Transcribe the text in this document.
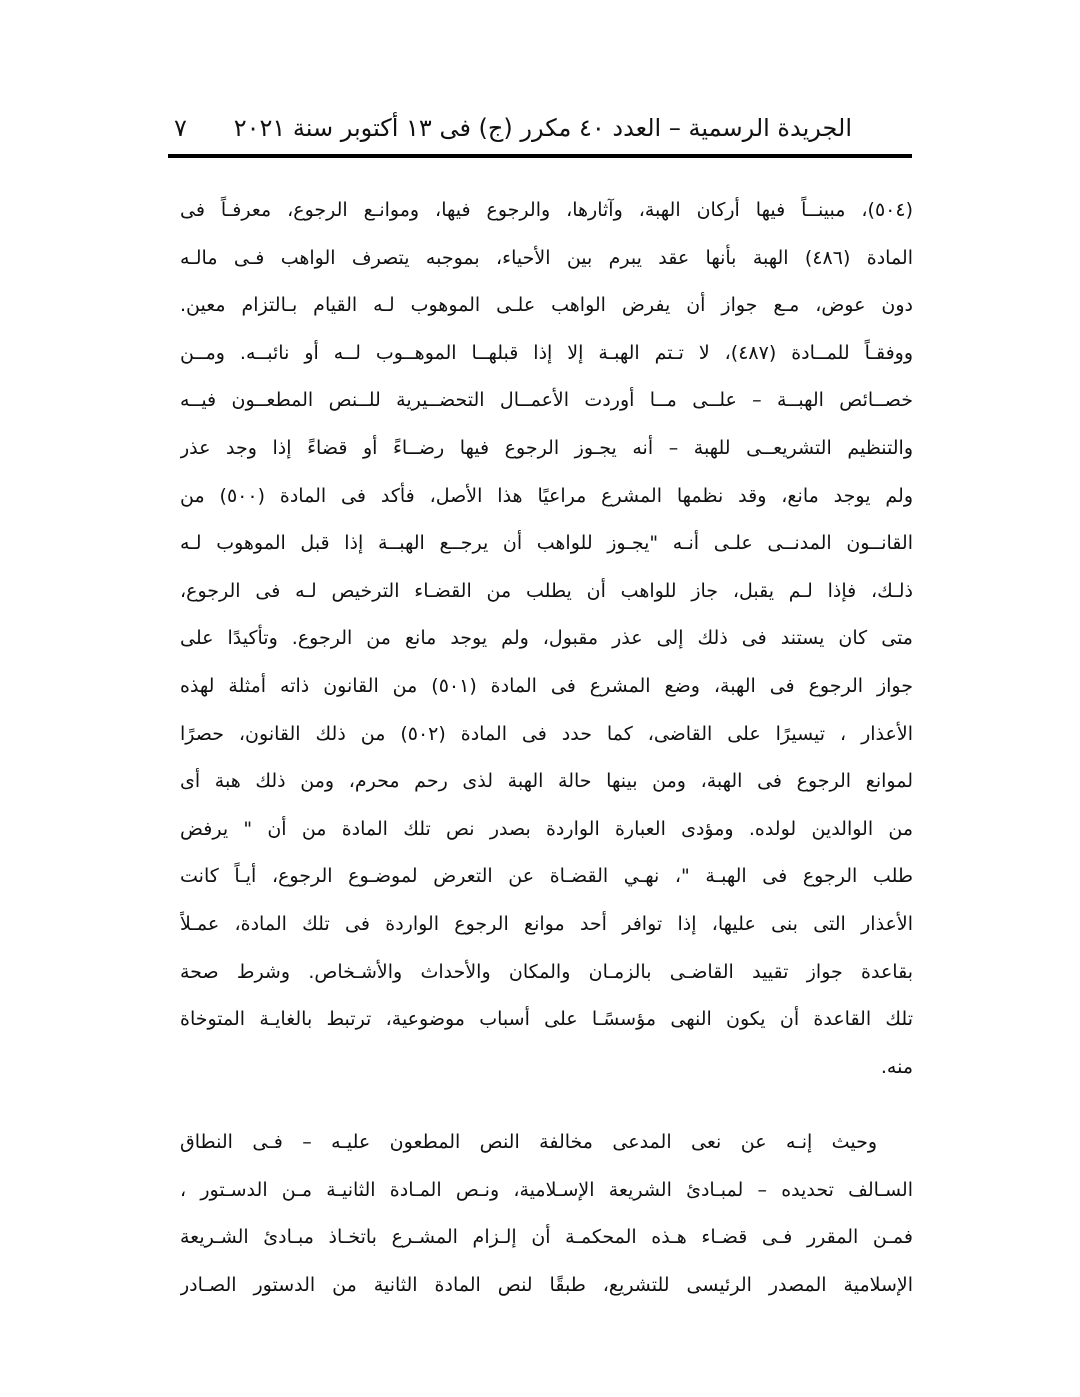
الجريدة الرسمية – العدد ٤٠ مكرر (ج) فى ١٣ أكتوبر سنة ٢٠٢١
٧
(٥٠٤)، مبينــاً فيها أركان الهبة، وآثارها، والرجوع فيها، وموانـع الرجوع، معرفـاً فى
المادة (٤٨٦) الهبة بأنها عقد يبرم بين الأحياء، بموجبه يتصرف الواهب فـى مالـه
دون عوض، مـع جواز أن يفرض الواهب علـى الموهوب لـه القيام بـالتزام معين.
ووفقـاً للمــادة (٤٨٧)، لا تـتم الهبـة إلا إذا قبلهــا الموهــوب لــه أو نائبــه. ومــن
خصــائص الهبــة – علــى مــا أوردت الأعمــال التحضــيرية للــنص المطعــون فيــه
والتنظيم التشريعــى للهبة – أنه يجـوز الرجوع فيها رضــاءً أو قضاءً إذا وجد عذر
ولم يوجد مانع، وقد نظمها المشرع مراعيًا هذا الأصل، فأكد فى المادة (٥٠٠) من
القانــون المدنــى علـى أنـه "يجـوز للواهب أن يرجــع الهبــة إذا قبل الموهوب لـه
ذلـك، فإذا لـم يقبل، جاز للواهب أن يطلب من القضـاء الترخيص لـه فى الرجوع،
متى كان يستند فى ذلك إلى عذر مقبول، ولم يوجد مانع من الرجوع. وتأكيدًا على
جواز الرجوع فى الهبة، وضع المشرع فى المادة (٥٠١) من القانون ذاته أمثلة لهذه
الأعذار ، تيسيرًا على القاضى، كما حدد فى المادة (٥٠٢) من ذلك القانون، حصرًا
لموانع الرجوع فى الهبة، ومن بينها حالة الهبة لذى رحم محرم، ومن ذلك هبة أى
من الوالدين لولده. ومؤدى العبارة الواردة بصدر نص تلك المادة من أن " يرفض
طلب الرجوع فى الهبـة "، نهـي القضـاة عن التعرض لموضـوع الرجوع، أيـاً كانت
الأعذار التى بنى عليها، إذا توافر أحد موانع الرجوع الواردة فى تلك المادة، عمـلاً
بقاعدة جواز تقييد القاضـى بالزمـان والمكان والأحداث والأشـخاص. وشرط صحة
تلك القاعدة أن يكون النهى مؤسسًـا على أسباب موضوعية، ترتبط بالغايـة المتوخاة
منه.
وحيث إنـه عن نعى المدعى مخالفة النص المطعون عليـه – فـى النطاق
السـالف تحديده – لمبـادئ الشريعة الإسـلامية، ونـص المـادة الثانيـة مـن الدسـتور ،
فمـن المقرر فـى قضـاء هـذه المحكمـة أن إلـزام المشـرع باتخـاذ مبـادئ الشـريعة
الإسلامية المصدر الرئيسى للتشريع، طبقًا لنص المادة الثانية من الدستور الصـادر
